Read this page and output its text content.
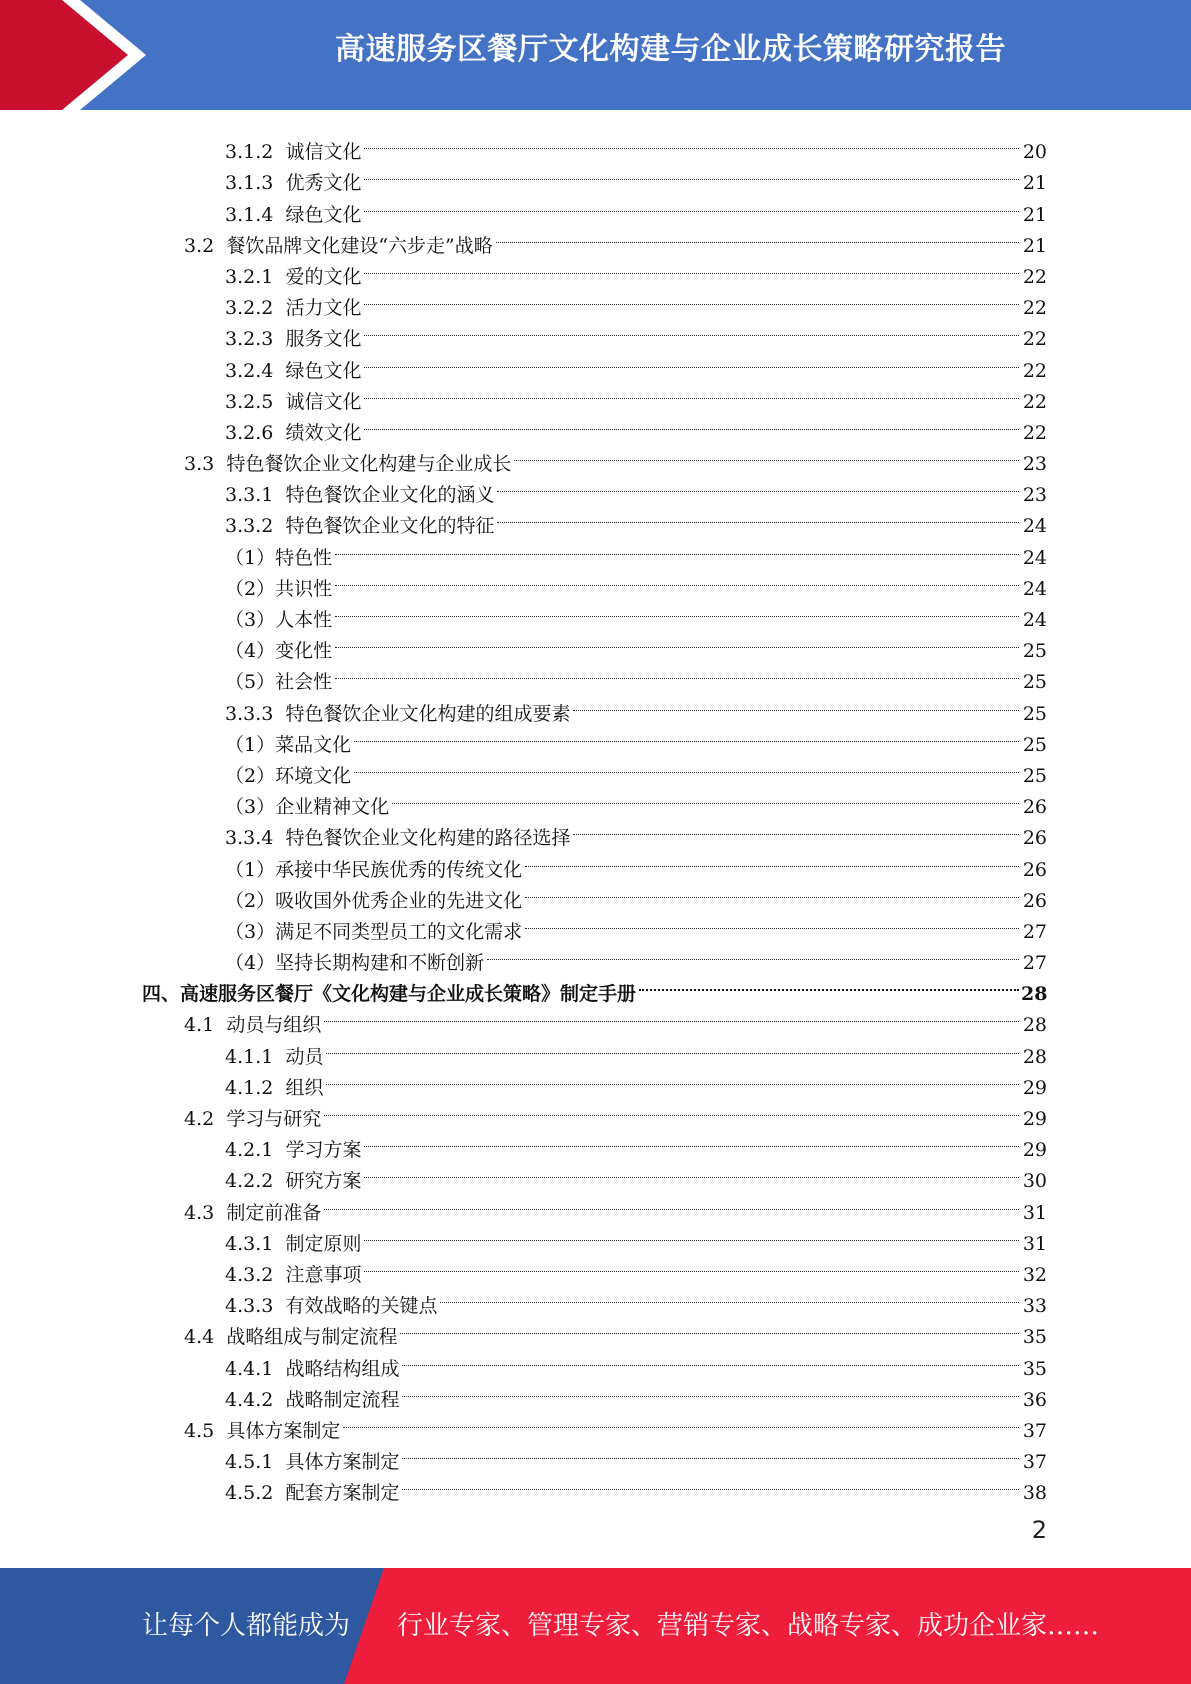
高速服务区餐厅文化构建与企业成长策略研究报告
3.1.2 诚信文化	20
3.1.3 优秀文化	21
3.1.4 绿色文化	21
3.2 餐饮品牌文化建设“六步走”战略	21
3.2.1 爱的文化	22
3.2.2 活力文化	22
3.2.3 服务文化	22
3.2.4 绿色文化	22
3.2.5 诚信文化	22
3.2.6 绩效文化	22
3.3 特色餐饮企业文化构建与企业成长	23
3.3.1 特色餐饮企业文化的涵义	23
3.3.2 特色餐饮企业文化的特征	24
（1）特色性	24
（2）共识性	24
（3）人本性	24
（4）变化性	25
（5）社会性	25
3.3.3 特色餐饮企业文化构建的组成要素	25
（1）菜品文化	25
（2）环境文化	25
（3）企业精神文化	26
3.3.4 特色餐饮企业文化构建的路径选择	26
（1）承接中华民族优秀的传统文化	26
（2）吸收国外优秀企业的先进文化	26
（3）满足不同类型员工的文化需求	27
（4）坚持长期构建和不断创新	27
四、高速服务区餐厅《文化构建与企业成长策略》制定手册	28
4.1 动员与组织	28
4.1.1 动员	28
4.1.2 组织	29
4.2 学习与研究	29
4.2.1 学习方案	29
4.2.2 研究方案	30
4.3 制定前准备	31
4.3.1 制定原则	31
4.3.2 注意事项	32
4.3.3 有效战略的关键点	33
4.4 战略组成与制定流程	35
4.4.1 战略结构组成	35
4.4.2 战略制定流程	36
4.5 具体方案制定	37
4.5.1 具体方案制定	37
4.5.2 配套方案制定	38
2
让每个人都能成为 行业专家、管理专家、营销专家、战略专家、成功企业家……
